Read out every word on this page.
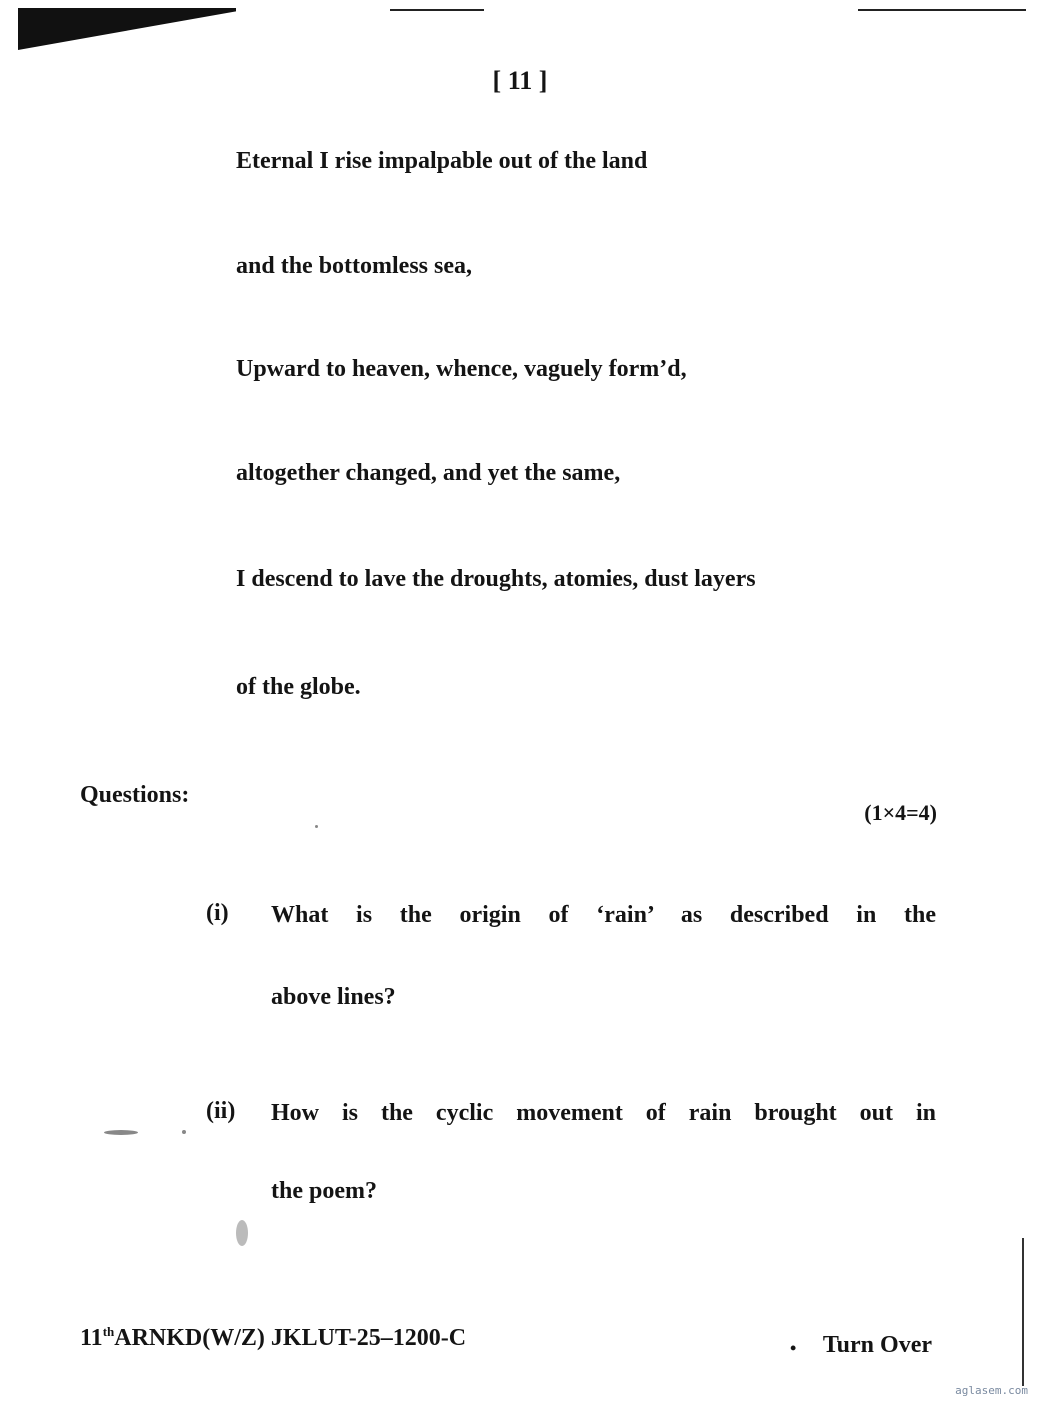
[ 11 ]
Eternal I rise impalpable out of the land
and the bottomless sea,
Upward to heaven, whence, vaguely form’d,
altogether changed, and yet the same,
I descend to lave the droughts, atomies, dust layers
of the globe.
Questions:
(1×4=4)
(i) What is the origin of ‘rain’ as described in the
above lines?
(ii) How is the cyclic movement of rain brought out in
the poem?
11thARNKD(W/Z) JKLUT-25–1200-C	• Turn Over
aglasem.com
